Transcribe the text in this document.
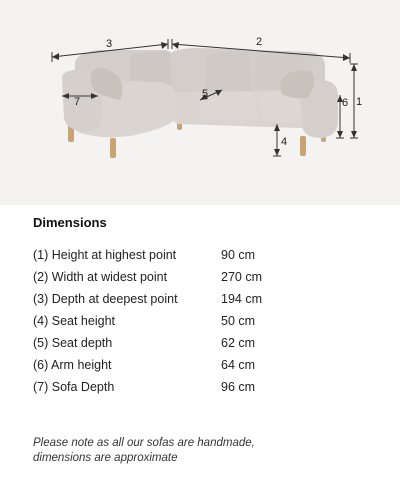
3	2
7
5
4
6 1
Dimensions
(1) Height at highest point	90 cm
(2) Width at widest point	270 cm
(3) Depth at deepest point	194 cm
(4) Seat height	50 cm
(5) Seat depth	62 cm
(6) Arm height	64 cm
(7) Sofa Depth	96 cm
Please note as all our sofas are handmade,
dimensions are approximate
